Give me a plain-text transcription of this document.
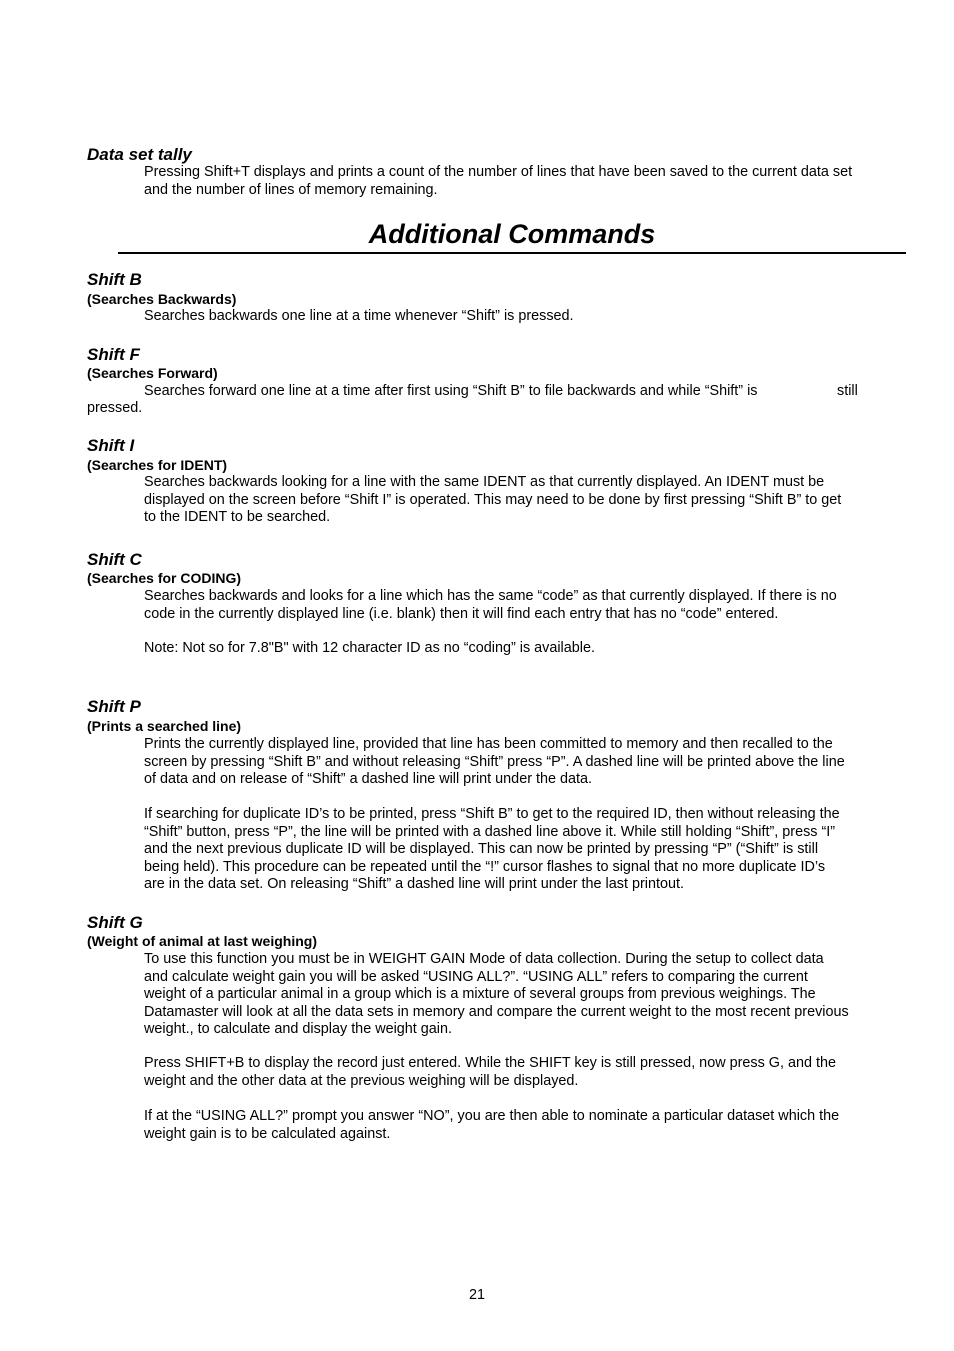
Data set tally
Pressing Shift+T displays and prints a count of the number of lines that have been saved to the current data set
and the number of lines of memory remaining.
Additional Commands
Shift B
(Searches Backwards)
Searches backwards one line at a time whenever “Shift” is pressed.
Shift F
(Searches Forward)
Searches forward one line at a time after first using “Shift B” to file backwards and while “Shift” is	still
pressed.
Shift I
(Searches for IDENT)
Searches backwards looking for a line with the same IDENT as that currently displayed. An IDENT must be
displayed on the screen before “Shift I” is operated. This may need to be done by first pressing “Shift B” to get
to the IDENT to be searched.
Shift C
(Searches for CODING)
Searches backwards and looks for a line which has the same “code” as that currently displayed. If there is no
code in the currently displayed line (i.e. blank) then it will find each entry that has no “code” entered.
Note: Not so for 7.8"B" with 12 character ID as no “coding” is available.
Shift P
(Prints a searched line)
Prints the currently displayed line, provided that line has been committed to memory and then recalled to the
screen by pressing “Shift B” and without releasing “Shift” press “P”. A dashed line will be printed above the line
of data and on release of “Shift” a dashed line will print under the data.
If searching for duplicate ID’s to be printed, press “Shift B” to get to the required ID, then without releasing the
“Shift” button, press “P”, the line will be printed with a dashed line above it. While still holding “Shift”, press “I”
and the next previous duplicate ID will be displayed. This can now be printed by pressing “P” (“Shift” is still
being held). This procedure can be repeated until the “!” cursor flashes to signal that no more duplicate ID’s
are in the data set. On releasing “Shift” a dashed line will print under the last printout.
Shift G
(Weight of animal at last weighing)
To use this function you must be in WEIGHT GAIN Mode of data collection. During the setup to collect data
and calculate weight gain you will be asked “USING ALL?”. “USING ALL” refers to comparing the current
weight of a particular animal in a group which is a mixture of several groups from previous weighings. The
Datamaster will look at all the data sets in memory and compare the current weight to the most recent previous
weight., to calculate and display the weight gain.
Press SHIFT+B to display the record just entered. While the SHIFT key is still pressed, now press G, and the
weight and the other data at the previous weighing will be displayed.
If at the “USING ALL?” prompt you answer “NO”, you are then able to nominate a particular dataset which the
weight gain is to be calculated against.
21
